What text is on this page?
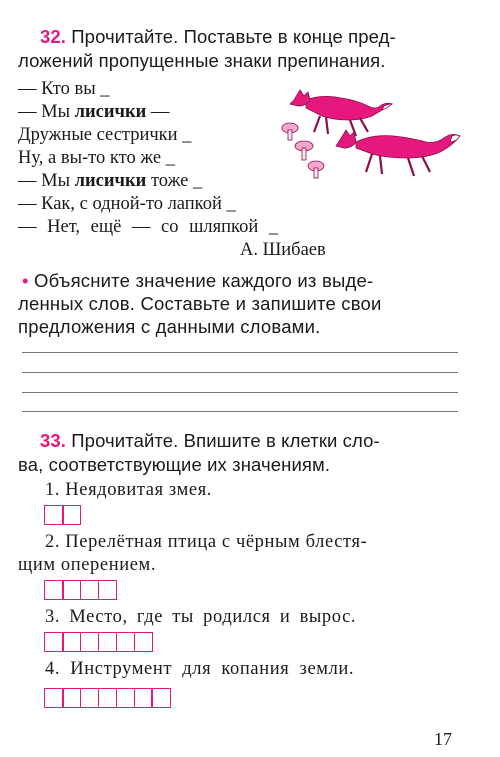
32. Прочитайте. Поставьте в конце пред-
ложений пропущенные знаки препинания.
— Кто вы _
— Мы лисички —
Дружные сестрички _
Ну, а вы-то кто же _
— Мы лисички тоже _
— Как, с одной-то лапкой _
— Нет, ещё — со шляпкой _
А. Шибаев
• Объясните значение каждого из выде-
ленных слов. Составьте и запишите свои
предложения с данными словами.
33. Прочитайте. Впишите в клетки сло-
ва, соответствующие их значениям.
1. Неядовитая змея.
2. Перелётная птица с чёрным блестя-
щим оперением.
3. Место, где ты родился и вырос.
4. Инструмент для копания земли.
17
